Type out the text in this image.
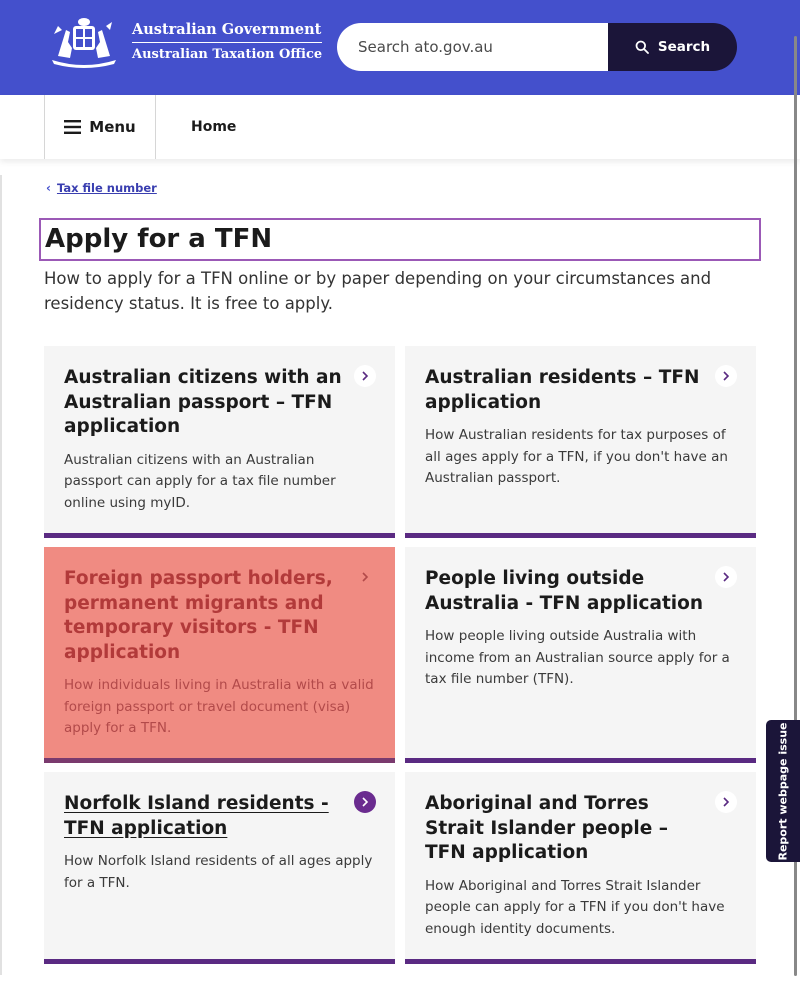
Australian Government
Australian Taxation Office
Search ato.gov.au	Search
Menu	Home
‹ Tax file number
Apply for a TFN

How to apply for a TFN online or by paper depending on your circumstances and residency status. It is free to apply.

Australian citizens with an Australian passport – TFN application
Australian citizens with an Australian passport can apply for a tax file number online using myID.
Australian residents – TFN application
How Australian residents for tax purposes of all ages apply for a TFN, if you don't have an Australian passport.
Foreign passport holders, permanent migrants and temporary visitors - TFN application
How individuals living in Australia with a valid foreign passport or travel document (visa) apply for a TFN.
People living outside Australia - TFN application
How people living outside Australia with income from an Australian source apply for a tax file number (TFN).
Norfolk Island residents - TFN application
How Norfolk Island residents of all ages apply for a TFN.
Aboriginal and Torres Strait Islander people – TFN application
How Aboriginal and Torres Strait Islander people can apply for a TFN if you don't have enough identity documents.
Report webpage issue
